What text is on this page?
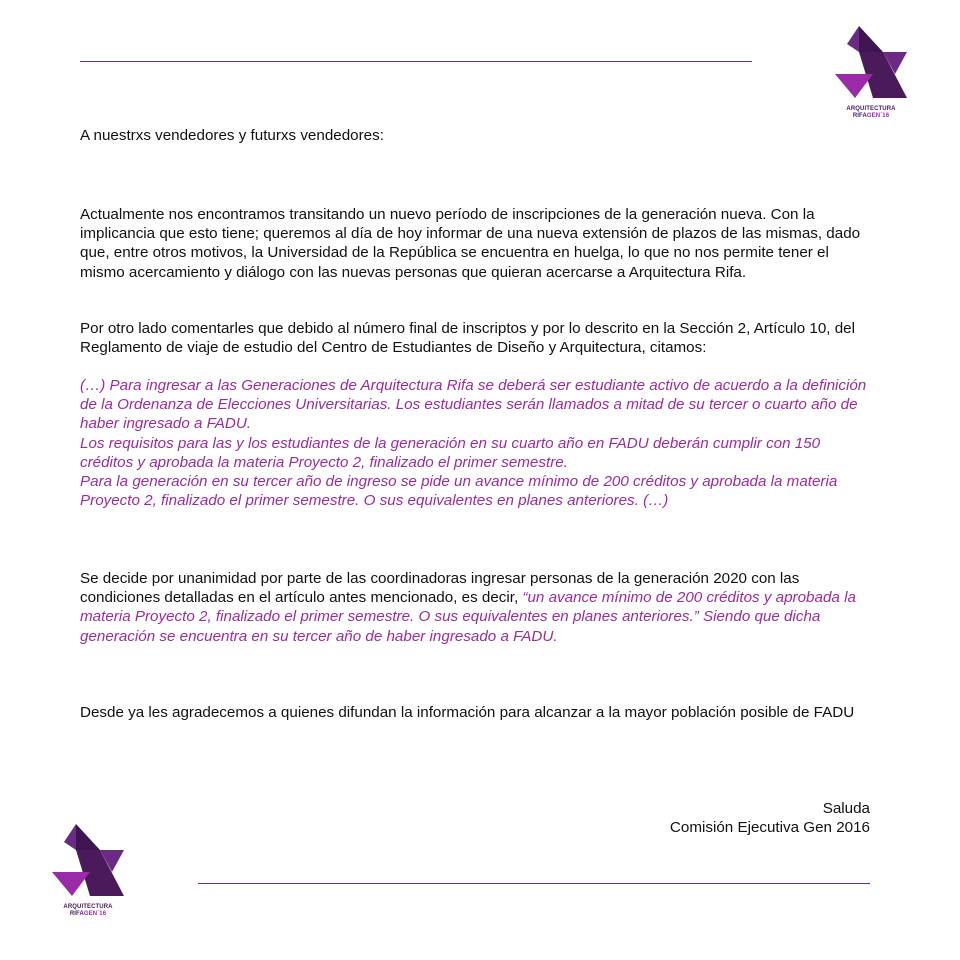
ARQUITECTURA
RIFAGEN´16

A nuestrxs vendedores y futurxs vendedores:

Actualmente nos encontramos transitando un nuevo período de inscripciones de la generación nueva. Con la implicancia que esto tiene; queremos al día de hoy informar de una nueva extensión de plazos de las mismas, dado que, entre otros motivos, la Universidad de la República se encuentra en huelga, lo que no nos permite tener el mismo acercamiento y diálogo con las nuevas personas que quieran acercarse a Arquitectura Rifa.

Por otro lado comentarles que debido al número final de inscriptos y por lo descrito en la Sección 2, Artículo 10, del Reglamento de viaje de estudio del Centro de Estudiantes de Diseño y Arquitectura, citamos:

(…) Para ingresar a las Generaciones de Arquitectura Rifa se deberá ser estudiante activo de acuerdo a la definición de la Ordenanza de Elecciones Universitarias. Los estudiantes serán llamados a mitad de su tercer o cuarto año de haber ingresado a FADU.

Los requisitos para las y los estudiantes de la generación en su cuarto año en FADU deberán cumplir con 150 créditos y aprobada la materia Proyecto 2, finalizado el primer semestre.

Para la generación en su tercer año de ingreso se pide un avance mínimo de 200 créditos y aprobada la materia Proyecto 2, finalizado el primer semestre. O sus equivalentes en planes anteriores. (…)

Se decide por unanimidad por parte de las coordinadoras ingresar personas de la generación 2020 con las condiciones detalladas en el artículo antes mencionado, es decir, “un avance mínimo de 200 créditos y aprobada la materia Proyecto 2, finalizado el primer semestre. O sus equivalentes en planes anteriores.” Siendo que dicha generación se encuentra en su tercer año de haber ingresado a FADU.

Desde ya les agradecemos a quienes difundan la información para alcanzar a la mayor población posible de FADU

Saluda
Comisión Ejecutiva Gen 2016
ARQUITECTURA
RIFAGEN´16
